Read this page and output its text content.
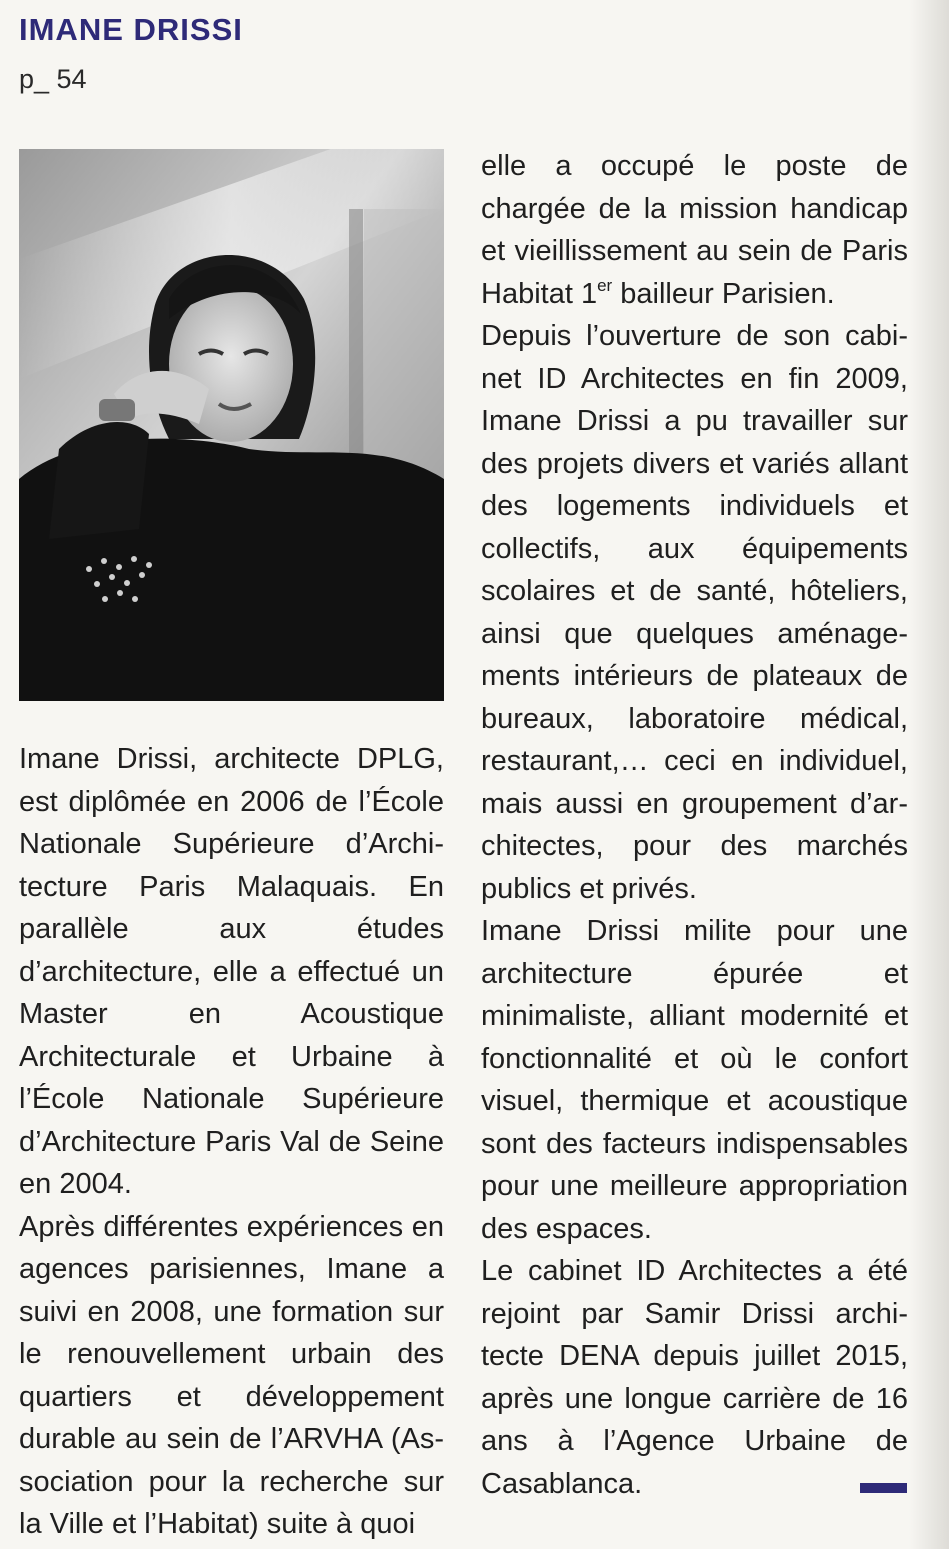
IMANE DRISSI
p_ 54

Imane Drissi, architecte DPLG, est diplômée en 2006 de l’École Nationale Supérieure d’Architecture Paris Malaquais. En parallèle aux études d’architecture, elle a effectué un Master en Acoustique Architecturale et Urbaine à l’École Nationale Supérieure d’Architecture Paris Val de Seine en 2004.

Après différentes expériences en agences parisiennes, Imane a suivi en 2008, une formation sur le renouvellement urbain des quartiers et développement durable au sein de l’ARVHA (Association pour la recherche sur la Ville et l’Habitat) suite à quoi

elle a occupé le poste de chargée de la mission handicap et vieillissement au sein de Paris Habitat 1er bailleur Parisien.

Depuis l’ouverture de son cabinet ID Architectes en fin 2009, Imane Drissi a pu travailler sur des projets divers et variés allant des logements individuels et collectifs, aux équipements scolaires et de santé, hôteliers, ainsi que quelques aménagements intérieurs de plateaux de bureaux, laboratoire médical, restaurant,… ceci en individuel, mais aussi en groupement d’architectes, pour des marchés publics et privés.

Imane Drissi milite pour une architecture épurée et minimaliste, alliant modernité et fonctionnalité et où le confort visuel, thermique et acoustique sont des facteurs indispensables pour une meilleure appropriation des espaces.

Le cabinet ID Architectes a été rejoint par Samir Drissi architecte DENA depuis juillet 2015, après une longue carrière de 16 ans à l’Agence Urbaine de Casablanca.
